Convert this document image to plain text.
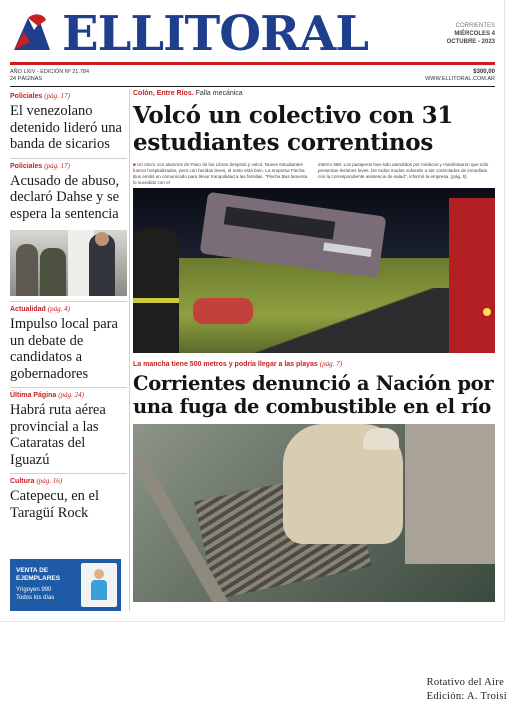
ELLITORAL	CORRIENTES
MIÉRCOLES 4
OCTUBRE - 2023
AÑO LXIV - EDICIÓN Nº 21.784
24 PÁGINAS
$300,00
WWW.ELLITORAL.COM.AR
Policiales (pág. 17)
El venezolano detenido lideró una banda de sicarios
Policiales (pág. 17)
Acusado de abuso, declaró Dahse y se espera la sentencia
Actualidad (pág. 4)
Impulso local para un debate de candidatos a gobernadores
Última Página (pág. 24)
Habrá ruta aérea provincial a las Cataratas del Iguazú
Cultura (pág. 16)
Catepecu, en el Taragüí Rock
VENTA DE
EJEMPLARES
Yrigoyen 990
Todos los días
Colón, Entre Ríos. Falla mecánica
Volcó un colectivo con 31 estudiantes correntinos

■ Un micro con alumnos de Paso de los Libres despistó y volcó. Nueve estudiantes fueron hospitalizados, pero con heridas leves, el resto está bien. La empresa Flecha Bus emitió un comunicado para llevar tranquilidad a las familias. "Flecha Bus lamenta lo sucedido con el

interno 668. Los pasajeros han sido atendidos por médicos y manifestaron que sólo presentan lesiones leves. De todos modos volverán a ser controlados de inmediato con la correspondiente asistencia de salud", informó la empresa. (pág. 5)

La mancha tiene 500 metros y podría llegar a las playas (pág. 7)
Corrientes denunció a Nación por una fuga de combustible en el río
Rotativo del Aire
Edición: A. Troisi
